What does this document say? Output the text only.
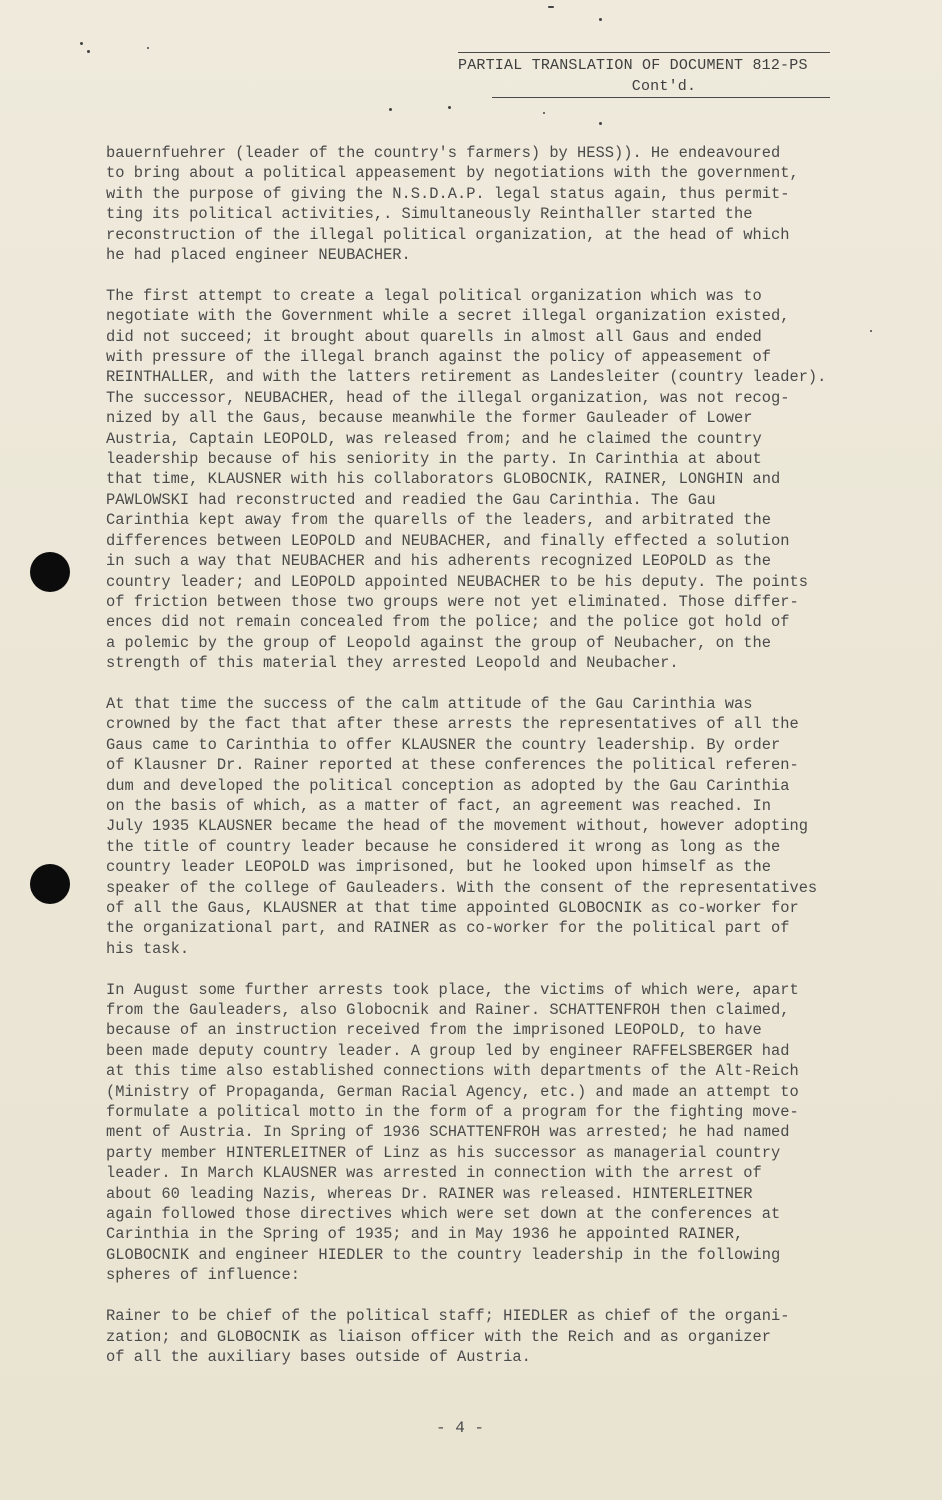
PARTIAL TRANSLATION OF DOCUMENT 812-PS
Cont'd.

bauernfuehrer (leader of the country's farmers) by HESS)). He endeavoured
to bring about a political appeasement by negotiations with the government,
with the purpose of giving the N.S.D.A.P. legal status again, thus permit-
ting its political activities,. Simultaneously Reinthaller started the
reconstruction of the illegal political organization, at the head of which
he had placed engineer NEUBACHER.

The first attempt to create a legal political organization which was to
negotiate with the Government while a secret illegal organization existed,
did not succeed; it brought about quarells in almost all Gaus and ended
with pressure of the illegal branch against the policy of appeasement of
REINTHALLER, and with the latters retirement as Landesleiter (country leader).
The successor, NEUBACHER, head of the illegal organization, was not recog-
nized by all the Gaus, because meanwhile the former Gauleader of Lower
Austria, Captain LEOPOLD, was released from; and he claimed the country
leadership because of his seniority in the party. In Carinthia at about
that time, KLAUSNER with his collaborators GLOBOCNIK, RAINER, LONGHIN and
PAWLOWSKI had reconstructed and readied the Gau Carinthia. The Gau
Carinthia kept away from the quarells of the leaders, and arbitrated the
differences between LEOPOLD and NEUBACHER, and finally effected a solution
in such a way that NEUBACHER and his adherents recognized LEOPOLD as the
country leader; and LEOPOLD appointed NEUBACHER to be his deputy. The points
of friction between those two groups were not yet eliminated. Those differ-
ences did not remain concealed from the police; and the police got hold of
a polemic by the group of Leopold against the group of Neubacher, on the
strength of this material they arrested Leopold and Neubacher.

At that time the success of the calm attitude of the Gau Carinthia was
crowned by the fact that after these arrests the representatives of all the
Gaus came to Carinthia to offer KLAUSNER the country leadership. By order
of Klausner Dr. Rainer reported at these conferences the political referen-
dum and developed the political conception as adopted by the Gau Carinthia
on the basis of which, as a matter of fact, an agreement was reached. In
July 1935 KLAUSNER became the head of the movement without, however adopting
the title of country leader because he considered it wrong as long as the
country leader LEOPOLD was imprisoned, but he looked upon himself as the
speaker of the college of Gauleaders. With the consent of the representatives
of all the Gaus, KLAUSNER at that time appointed GLOBOCNIK as co-worker for
the organizational part, and RAINER as co-worker for the political part of
his task.

In August some further arrests took place, the victims of which were, apart
from the Gauleaders, also Globocnik and Rainer. SCHATTENFROH then claimed,
because of an instruction received from the imprisoned LEOPOLD, to have
been made deputy country leader. A group led by engineer RAFFELSBERGER had
at this time also established connections with departments of the Alt-Reich
(Ministry of Propaganda, German Racial Agency, etc.) and made an attempt to
formulate a political motto in the form of a program for the fighting move-
ment of Austria. In Spring of 1936 SCHATTENFROH was arrested; he had named
party member HINTERLEITNER of Linz as his successor as managerial country
leader. In March KLAUSNER was arrested in connection with the arrest of
about 60 leading Nazis, whereas Dr. RAINER was released. HINTERLEITNER
again followed those directives which were set down at the conferences at
Carinthia in the Spring of 1935; and in May 1936 he appointed RAINER,
GLOBOCNIK and engineer HIEDLER to the country leadership in the following
spheres of influence:

Rainer to be chief of the political staff; HIEDLER as chief of the organi-
zation; and GLOBOCNIK as liaison officer with the Reich and as organizer
of all the auxiliary bases outside of Austria.

- 4 -
